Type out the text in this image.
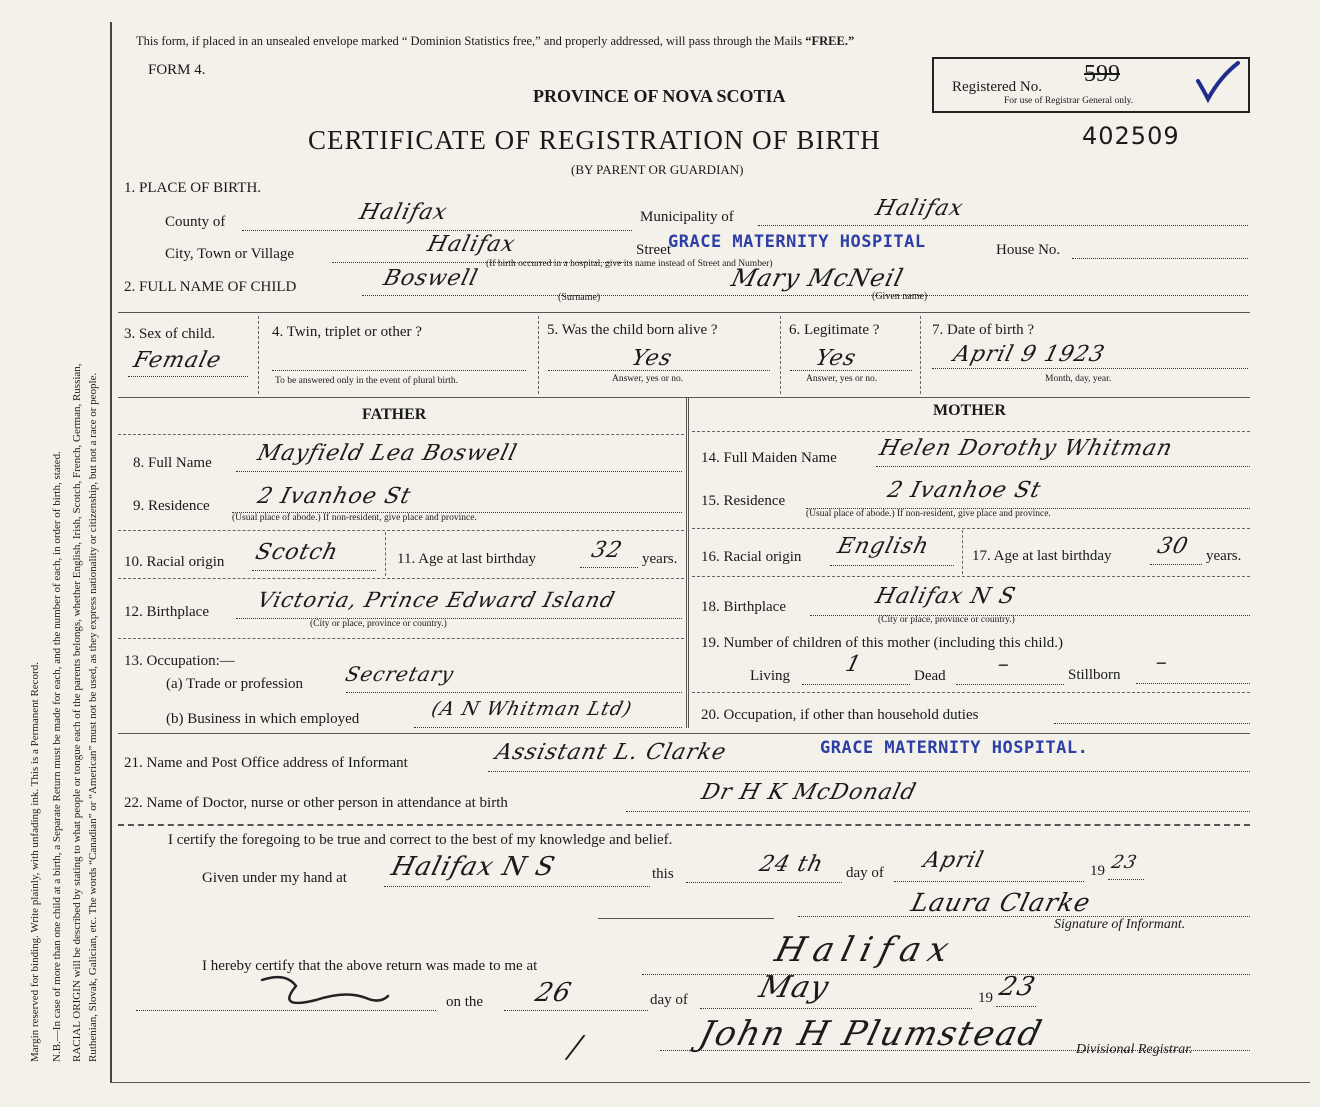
Margin reserved for binding. Write plainly, with unfading ink. This is a Permanent Record. N.B.—In case of more than one child at a birth, a Separate Return must be made for each, and the number of each, in order of birth, stated. RACIAL ORIGIN will be described by stating to what people or tongue each of the parents belongs, whether English, Irish, Scotch, French, German, Russian, Ruthenian, Slovak, Galician, etc. The words “Canadian” or “American” must not be used, as they express nationality or citizenship, but not a race or people.
This form, if placed in an unsealed envelope marked “ Dominion Statistics free,” and properly addressed, will pass through the Mails “FREE.”
FORM 4.
PROVINCE OF NOVA SCOTIA	Registered No. 599
For use of Registrar General only.
CERTIFICATE OF REGISTRATION OF BIRTH	402509
(BY PARENT OR GUARDIAN)
1. PLACE OF BIRTH.
County of	Halifax	Municipality of	Halifax
City, Town or Village	Halifax	Street
GRACE MATERNITY HOSPITAL	House No.
(If birth occurred in a hospital, give its name instead of Street and Number)
2. FULL NAME OF CHILD	Boswell
(Surname)
Mary McNeil
(Given name)
3. Sex of child.
Female
4. Twin, triplet or other ?
To be answered only in the event of plural birth.
5. Was the child born alive ?
Yes
Answer, yes or no.
6. Legitimate ?
Yes
Answer, yes or no.
7. Date of birth ?
April 9 1923
Month, day, year.
FATHER
8. Full Name Mayfield Lea Boswell
9. Residence 2 Ivanhoe St
(Usual place of abode.) If non-resident, give place and province.
10. Racial origin Scotch	11. Age at last birthday 32 years.
12. Birthplace Victoria, Prince Edward Island
(City or place, province or country.)
13. Occupation:—
(a) Trade or profession Secretary
(b) Business in which employed	(A N Whitman Ltd)
MOTHER
14. Full Maiden Name Helen Dorothy Whitman
15. Residence	2 Ivanhoe St
(Usual place of abode.) If non-resident, give place and province.
16. Racial origin English	17. Age at last birthday 30 years.
18. Birthplace	Halifax N S
(City or place, province or country.)
19. Number of children of this mother (including this child.)
Living 1	Dead –	Stillborn –
20. Occupation, if other than household duties
21. Name and Post Office address of Informant	Assistant L. Clarke	GRACE MATERNITY HOSPITAL.
22. Name of Doctor, nurse or other person in attendance at birth	Dr H K McDonald
I certify the foregoing to be true and correct to the best of my knowledge and belief.
Given under my hand at Halifax N S	this	24 th day of April	19 23
Laura Clarke
Signature of Informant.
I hereby certify that the above return was made to me at	Halifax
on the 26	day of May	19 23
John H Plumstead
/	Divisional Registrar.
